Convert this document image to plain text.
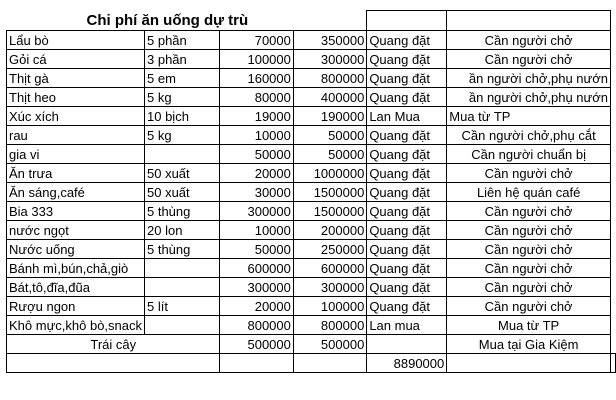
Chi phí ăn uống dự trù						
Lẩu bò	5 phần	70000	350000	Quang đặt	Cần người chở	
Gỏi cá	3 phần	100000	300000	Quang đặt	Cần người chở	
Thịt gà	5 em	160000	800000	Quang đặt	ần người chở,phụ nướn	
Thịt heo	5 kg	80000	400000	Quang đặt	ần người chở,phụ nướn	
Xúc xích	10 bịch	19000	190000	Lan Mua	Mua từ TP	
rau	5 kg	10000	50000	Quang đặt	Cần người chở,phụ cắt	
gia vi		50000	50000	Quang đặt	Cần người chuẩn bị	
Ăn trưa	50 xuất	20000	1000000	Quang đặt	Cần người chở	
Ăn sáng,café	50 xuất	30000	1500000	Quang đặt	Liên hệ quán café	
Bia 333	5 thùng	300000	1500000	Quang đặt	Cần người chở	
nước ngọt	20 lon	10000	200000	Quang đặt	Cần người chở	
Nước uống	5 thùng	50000	250000	Quang đặt	Cần người chở	
Bánh mì,bún,chả,giò		600000	600000	Quang đặt	Cần người chở	
Bát,tô,đĩa,đũa		300000	300000	Quang đặt	Cần người chở	
Rượu ngon	5 lít	20000	100000	Quang đặt	Cần người chở	
Khô mực,khô bò,snack		800000	800000	Lan mua	Mua từ TP	
Trái cây		500000	500000		Mua tại Gia Kiệm	
				8890000		
